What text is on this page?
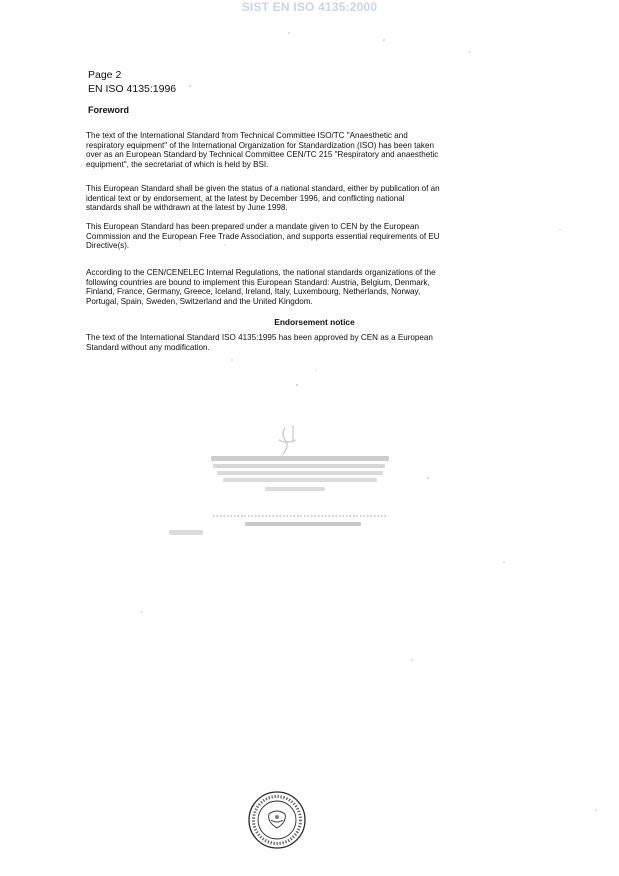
SIST EN ISO 4135:2000
Page 2
EN ISO 4135:1996
Foreword
The text of the International Standard from Technical Committee ISO/TC "Anaesthetic and
respiratory equipment" of the International Organization for Standardization (ISO) has been taken
over as an European Standard by Technical Committee CEN/TC 215 "Respiratory and anaesthetic
equipment", the secretariat of which is held by BSI.
This European Standard shall be given the status of a national standard, either by publication of an
identical text or by endorsement, at the latest by December 1996, and conflicting national
standards shall be withdrawn at the latest by June 1998.
This European Standard has been prepared under a mandate given to CEN by the European
Commission and the European Free Trade Association, and supports essential requirements of EU
Directive(s).
According to the CEN/CENELEC Internal Regulations, the national standards organizations of the
following countries are bound to implement this European Standard: Austria, Belgium, Denmark,
Finland, France, Germany, Greece, Iceland, Ireland, Italy, Luxembourg, Netherlands, Norway,
Portugal, Spain, Sweden, Switzerland and the United Kingdom.
Endorsement notice
The text of the International Standard ISO 4135:1995 has been approved by CEN as a European
Standard without any modification.
